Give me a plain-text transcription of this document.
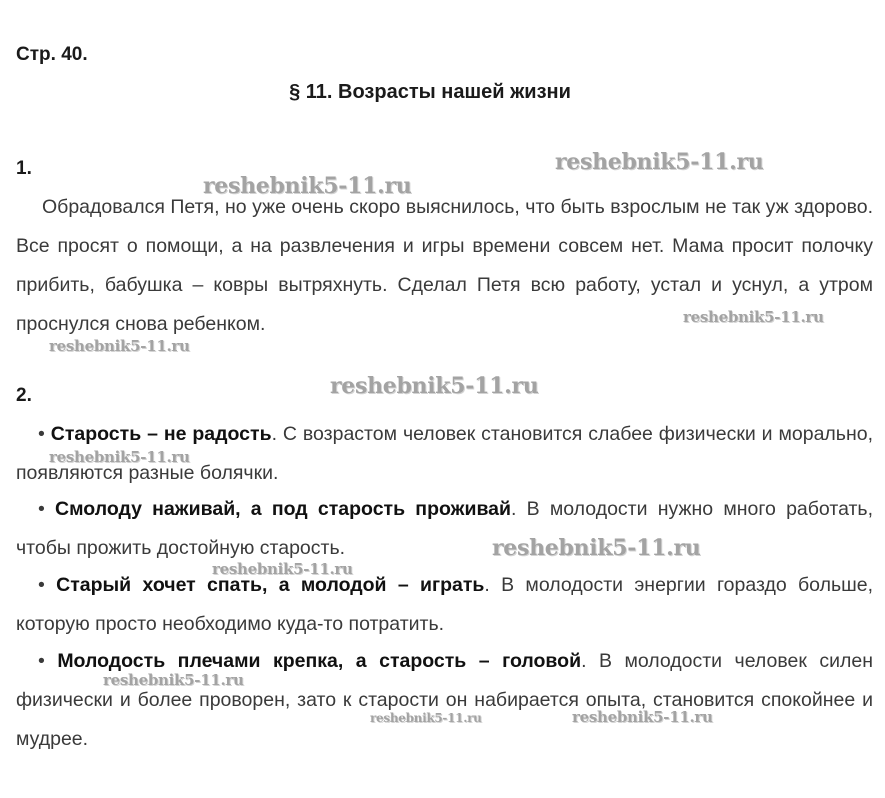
Стр. 40.
§ 11. Возрасты нашей жизни
1.

Обрадовался Петя, но уже очень скоро выяснилось, что быть взрослым не так уж здорово. Все просят о помощи, а на развлечения и игры времени совсем нет. Мама просит полочку прибить, бабушка – ковры вытряхнуть. Сделал Петя всю работу, устал и уснул, а утром проснулся снова ребенком.

2.

• Старость – не радость. С возрастом человек становится слабее физически и морально, появляются разные болячки.

• Смолоду наживай, а под старость проживай. В молодости нужно много работать, чтобы прожить достойную старость.

• Старый хочет спать, а молодой – играть. В молодости энергии гораздо больше, которую просто необходимо куда-то потратить.

• Молодость плечами крепка, а старость – головой. В молодости человек силен физически и более проворен, зато к старости он набирается опыта, становится спокойнее и мудрее.

reshebnik5-11.ru
reshebnik5-11.ru
reshebnik5-11.ru
reshebnik5-11.ru
reshebnik5-11.ru
reshebnik5-11.ru
reshebnik5-11.ru
reshebnik5-11.ru
reshebnik5-11.ru
reshebnik5-11.ru	reshebnik5-11.ru
